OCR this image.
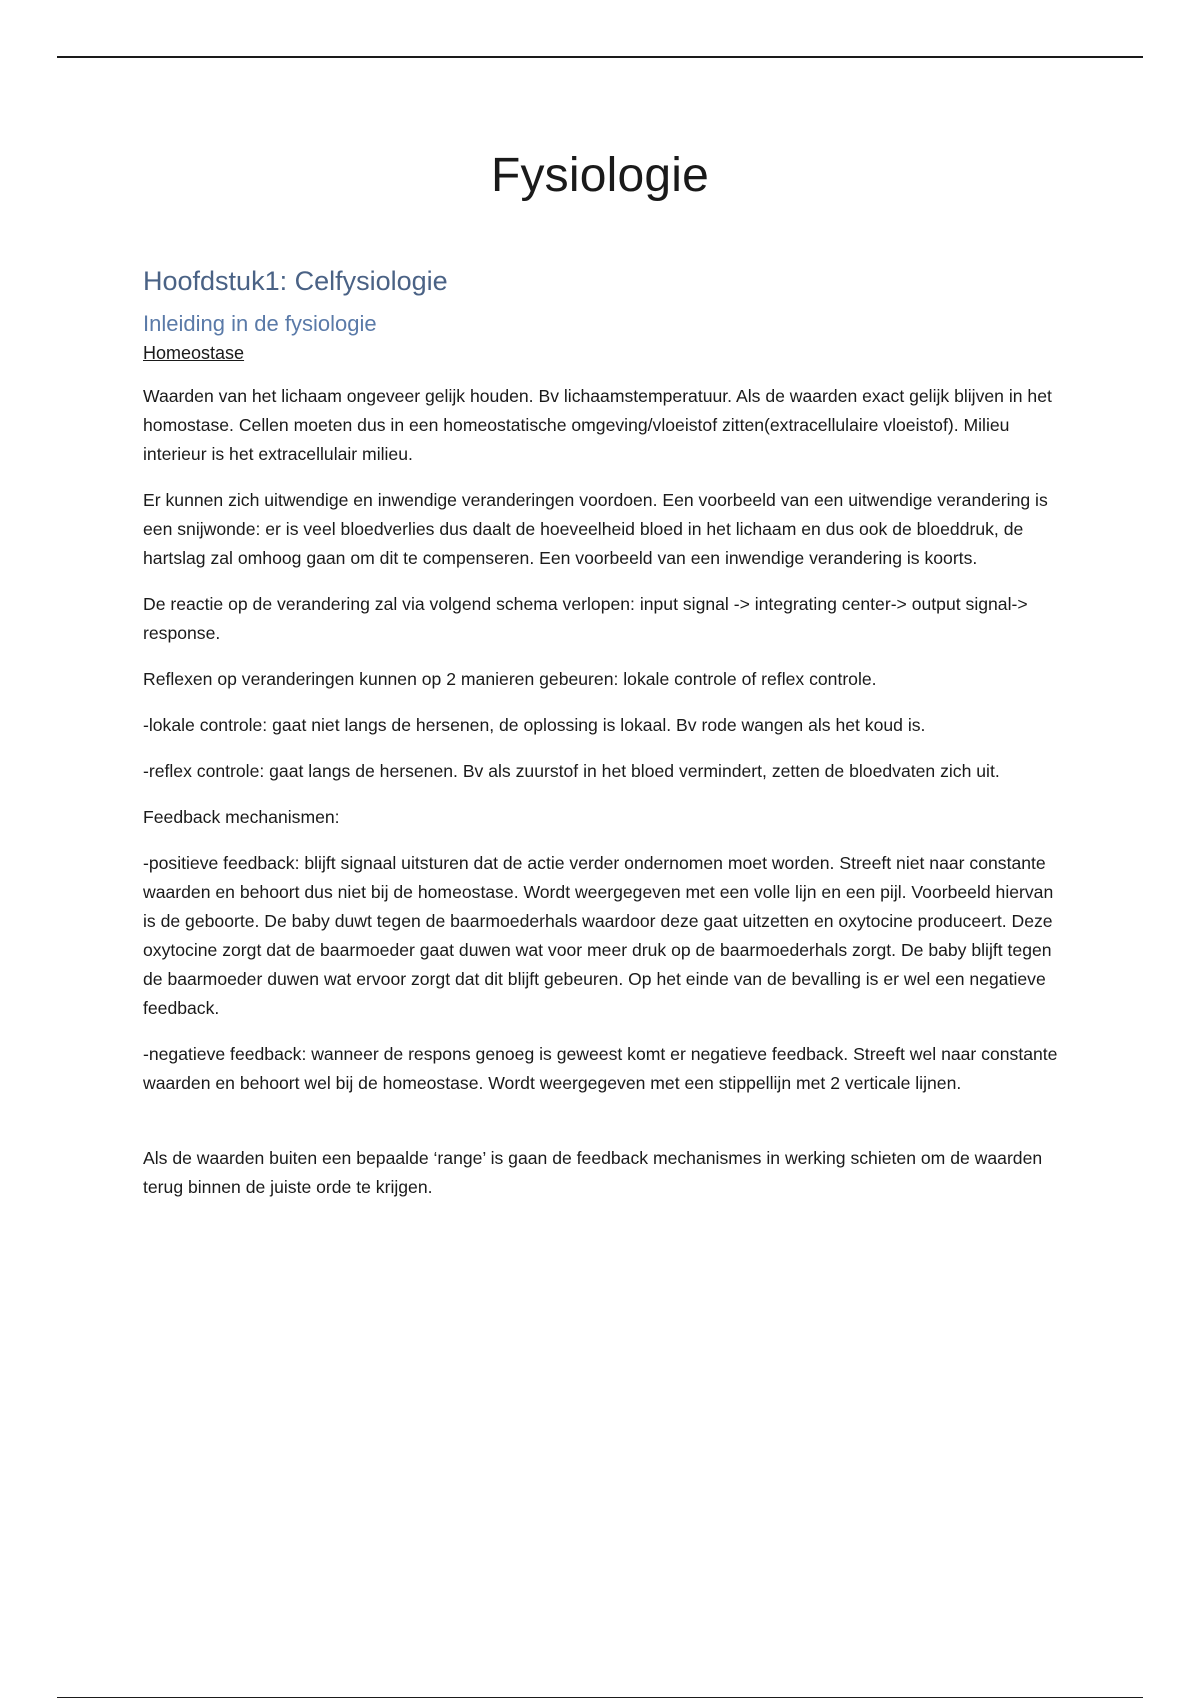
Fysiologie
Hoofdstuk1: Celfysiologie
Inleiding in de fysiologie
Homeostase

Waarden van het lichaam ongeveer gelijk houden. Bv lichaamstemperatuur. Als de waarden exact gelijk blijven in het homostase. Cellen moeten dus in een homeostatische omgeving/vloeistof zitten(extracellulaire vloeistof). Milieu interieur is het extracellulair milieu.

Er kunnen zich uitwendige en inwendige veranderingen voordoen. Een voorbeeld van een uitwendige verandering is een snijwonde: er is veel bloedverlies dus daalt de hoeveelheid bloed in het lichaam en dus ook de bloeddruk, de hartslag zal omhoog gaan om dit te compenseren. Een voorbeeld van een inwendige verandering is koorts.

De reactie op de verandering zal via volgend schema verlopen: input signal -> integrating center-> output signal-> response.

Reflexen op veranderingen kunnen op 2 manieren gebeuren: lokale controle of reflex controle.

-lokale controle: gaat niet langs de hersenen, de oplossing is lokaal. Bv rode wangen als het koud is.

-reflex controle: gaat langs de hersenen. Bv als zuurstof in het bloed vermindert, zetten de bloedvaten zich uit.

Feedback mechanismen:

-positieve feedback: blijft signaal uitsturen dat de actie verder ondernomen moet worden. Streeft niet naar constante waarden en behoort dus niet bij de homeostase. Wordt weergegeven met een volle lijn en een pijl. Voorbeeld hiervan is de geboorte. De baby duwt tegen de baarmoederhals waardoor deze gaat uitzetten en oxytocine produceert. Deze oxytocine zorgt dat de baarmoeder gaat duwen wat voor meer druk op de baarmoederhals zorgt. De baby blijft tegen de baarmoeder duwen wat ervoor zorgt dat dit blijft gebeuren. Op het einde van de bevalling is er wel een negatieve feedback.

-negatieve feedback: wanneer de respons genoeg is geweest komt er negatieve feedback. Streeft wel naar constante waarden en behoort wel bij de homeostase. Wordt weergegeven met een stippellijn met 2 verticale lijnen.

Als de waarden buiten een bepaalde ‘range’ is gaan de feedback mechanismes in werking schieten om de waarden terug binnen de juiste orde te krijgen.
